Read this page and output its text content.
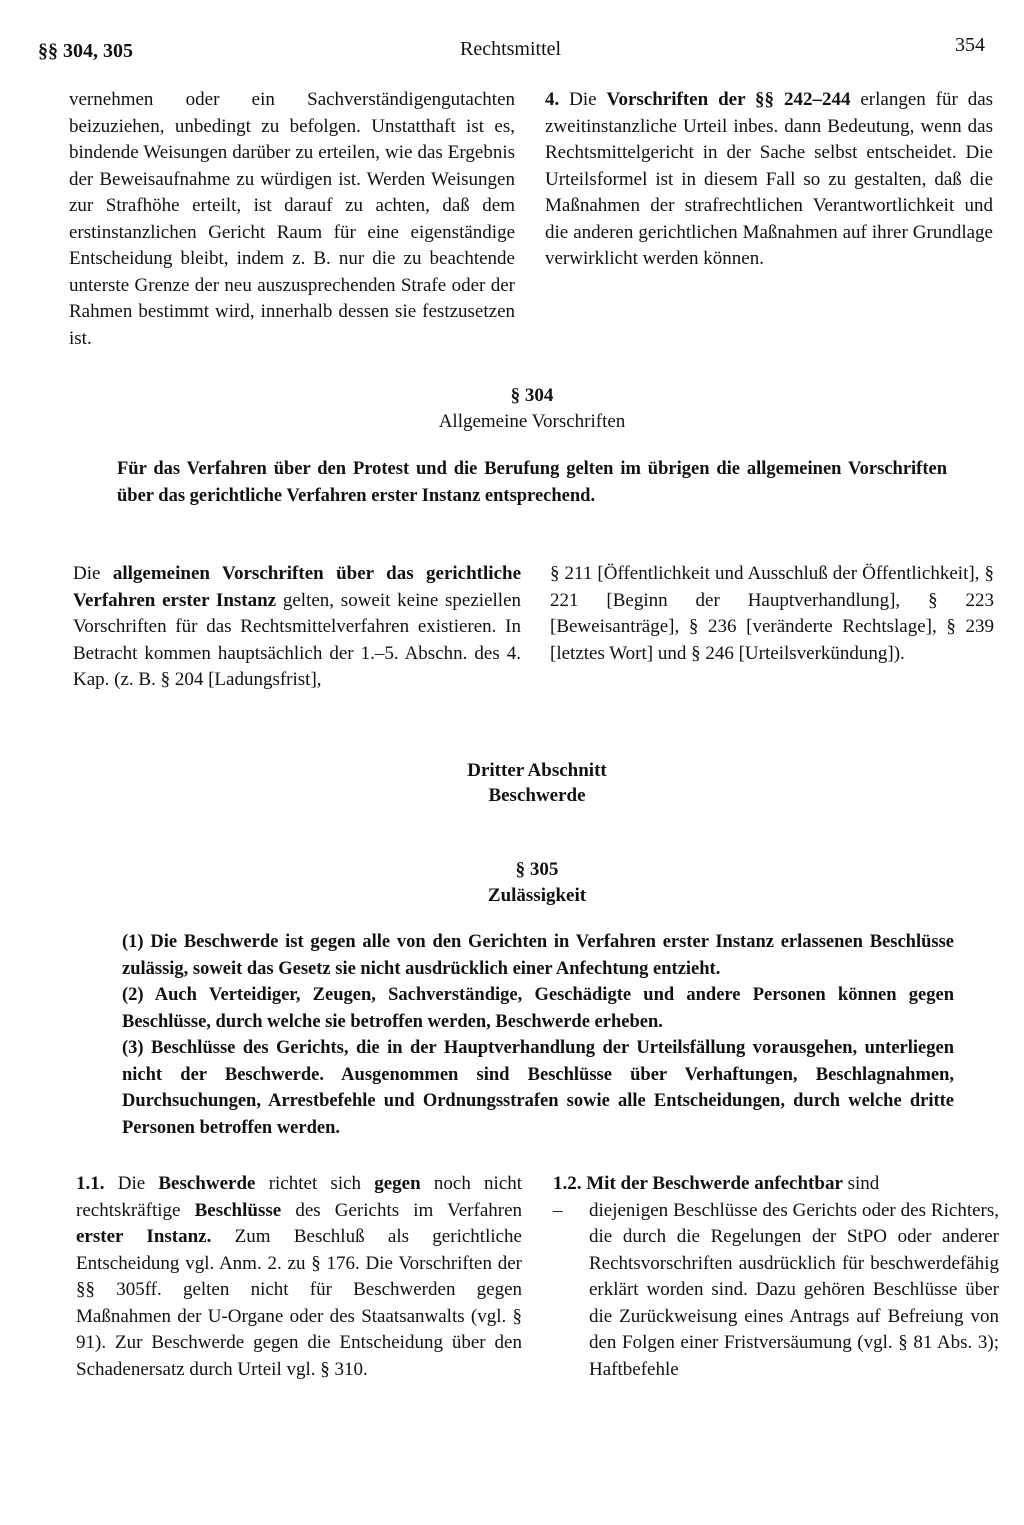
§§ 304, 305	Rechtsmittel	354

vernehmen oder ein Sachverständigengutachten beizuziehen, unbedingt zu befolgen. Unstatthaft ist es, bindende Weisungen darüber zu erteilen, wie das Ergebnis der Beweisaufnahme zu würdigen ist. Werden Weisungen zur Strafhöhe erteilt, ist darauf zu achten, daß dem erstinstanzlichen Gericht Raum für eine eigenständige Entscheidung bleibt, indem z. B. nur die zu beachtende unterste Grenze der neu auszusprechenden Strafe oder der Rahmen bestimmt wird, innerhalb dessen sie festzusetzen ist.

4. Die Vorschriften der §§ 242–244 erlangen für das zweitinstanzliche Urteil inbes. dann Bedeutung, wenn das Rechtsmittelgericht in der Sache selbst entscheidet. Die Urteilsformel ist in diesem Fall so zu gestalten, daß die Maßnahmen der strafrechtlichen Verantwortlichkeit und die anderen gerichtlichen Maßnahmen auf ihrer Grundlage verwirklicht werden können.

§ 304
Allgemeine Vorschriften

Für das Verfahren über den Protest und die Berufung gelten im übrigen die allgemeinen Vorschriften über das gerichtliche Verfahren erster Instanz entsprechend.

Die allgemeinen Vorschriften über das gerichtliche Verfahren erster Instanz gelten, soweit keine speziellen Vorschriften für das Rechtsmittelverfahren existieren. In Betracht kommen hauptsächlich der 1.–5. Abschn. des 4. Kap. (z. B. § 204 [Ladungsfrist],

§ 211 [Öffentlichkeit und Ausschluß der Öffentlichkeit], § 221 [Beginn der Hauptverhandlung], § 223 [Beweisanträge], § 236 [veränderte Rechtslage], § 239 [letztes Wort] und § 246 [Urteilsverkündung]).

Dritter Abschnitt
Beschwerde
§ 305
Zulässigkeit

(1) Die Beschwerde ist gegen alle von den Gerichten in Verfahren erster Instanz erlassenen Beschlüsse zulässig, soweit das Gesetz sie nicht ausdrücklich einer Anfechtung entzieht.

(2) Auch Verteidiger, Zeugen, Sachverständige, Geschädigte und andere Personen können gegen Beschlüsse, durch welche sie betroffen werden, Beschwerde erheben.

(3) Beschlüsse des Gerichts, die in der Hauptverhandlung der Urteilsfällung vorausgehen, unterliegen nicht der Beschwerde. Ausgenommen sind Beschlüsse über Verhaftungen, Beschlagnahmen, Durchsuchungen, Arrestbefehle und Ordnungsstrafen sowie alle Entscheidungen, durch welche dritte Personen betroffen werden.

1.1. Die Beschwerde richtet sich gegen noch nicht rechtskräftige Beschlüsse des Gerichts im Verfahren erster Instanz. Zum Beschluß als gerichtliche Entscheidung vgl. Anm. 2. zu § 176. Die Vorschriften der §§ 305ff. gelten nicht für Beschwerden gegen Maßnahmen der U-Organe oder des Staatsanwalts (vgl. § 91). Zur Beschwerde gegen die Entscheidung über den Schadenersatz durch Urteil vgl. § 310.

1.2. Mit der Beschwerde anfechtbar sind

–	diejenigen Beschlüsse des Gerichts oder des Richters, die durch die Regelungen der StPO oder anderer Rechtsvorschriften ausdrücklich für beschwerdefähig erklärt worden sind. Dazu gehören Beschlüsse über die Zurückweisung eines Antrags auf Befreiung von den Folgen einer Fristversäumung (vgl. § 81 Abs. 3); Haftbefehle
